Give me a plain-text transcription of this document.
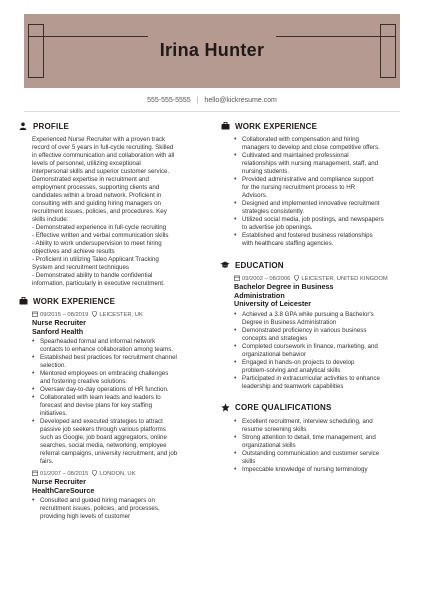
Irina Hunter
555-555-5555 | hello@kickresume.com
PROFILE
Experienced Nurse Recruiter with a proven track
record of over 5 years in full-cycle recruiting. Skilled
in effective communication and collaboration with all
levels of personnel, utilizing exceptional
interpersonal skills and superior customer service.
Demonstrated expertise in recruitment and
employment processes, supporting clients and
candidates within a broad network. Proficient in
consulting with and guiding hiring managers on
recruitment issues, policies, and procedures. Key
skills include:
- Demonstrated experience in full-cycle recruiting
- Effective written and verbal communication skills
- Ability to work undersupervision to meet hiring
objectives and achieve results
- Proficient in utilizing Taleo Applicant Tracking
System and recruitment techniques
- Demonstrated ability to handle confidential
information, particularly in executive recruitment.
WORK EXPERIENCE
09/2015 – 08/2019 LEICESTER, UK
Nurse Recruiter
Sanford Health
• Spearheaded formal and informal network
contacts to enhance collaboration among teams.
• Established best practices for recruitment channel
selection.
• Mentored employees on embracing challenges
and fostering creative solutions.
• Oversaw day-to-day operations of HR function.
• Collaborated with team leads and leaders to
forecast and devise plans for key staffing
initiatives.
• Developed and executed strategies to attract
passive job seekers through various platforms
such as Google, job board aggregators, online
searches, social media, networking, employee
referral campaigns, university recruitment, and job
fairs.
01/2007 – 08/2015 LONDON, UK
Nurse Recruiter
HealthCareSource
• Consulted and guided hiring managers on
recruitment issues, policies, and processes,
providing high levels of customer
WORK EXPERIENCE
• Collaborated with compensation and hiring
managers to develop and close competitive offers.
• Cultivated and maintained professional
relationships with nursing management, staff, and
nursing students.
• Provided administrative and compliance support
for the nursing recruitment process to HR
Advisors.
• Designed and implemented innovative recruitment
strategies consistently.
• Utilized social media, job postings, and newspapers
to advertise job openings.
• Established and fostered business relationships
with healthcare staffing agencies.
EDUCATION
09/2002 – 08/2006 LEICESTER, UNITED KINGDOM
Bachelor Degree in Business
Administration
University of Leicester
• Achieved a 3.8 GPA while pursuing a Bachelor's
Degree in Business Administration
• Demonstrated proficiency in various business
concepts and strategies
• Completed coursework in finance, marketing, and
organizational behavior
• Engaged in hands-on projects to develop
problem-solving and analytical skills
• Participated in extracurricular activities to enhance
leadership and teamwork capabilities
CORE QUALIFICATIONS
• Excellent recruitment, interview scheduling, and
resume screening skills
• Strong attention to detail, time management, and
organizational skills
• Outstanding communication and customer service
skills
• Impeccable knowledge of nursing terminology
